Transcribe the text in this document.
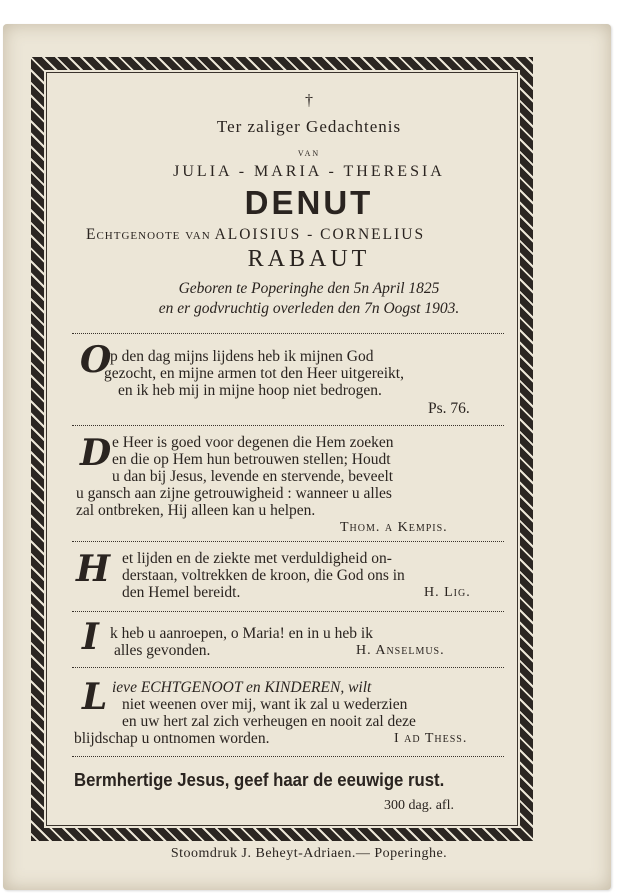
†
Ter zaliger Gedachtenis
van
JULIA - MARIA - THERESIA
DENUT
Echtgenoote van ALOISIUS - CORNELIUS
RABAUT
Geboren te Poperinghe den 5n April 1825
en er godvruchtig overleden den 7n Oogst 1903.
O
p den dag mijns lijdens heb ik mijnen God
gezocht, en mijne armen tot den Heer uitgereikt,
en ik heb mij in mijne hoop niet bedrogen.
Ps. 76.
D e Heer is goed voor degenen die Hem zoeken
en die op Hem hun betrouwen stellen; Houdt
u dan bij Jesus, levende en stervende, beveelt
u gansch aan zijne getrouwigheid : wanneer u alles
zal ontbreken, Hij alleen kan u helpen.
Thom. a Kempis.
H et lijden en de ziekte met verduldigheid on-
derstaan, voltrekken de kroon, die God ons in
den Hemel bereidt.	H. Lig.
I k heb u aanroepen, o Maria! en in u heb ik
alles gevonden.	H. Anselmus.
L ieve ECHTGENOOT en KINDEREN, wilt
niet weenen over mij, want ik zal u wederzien
en uw hert zal zich verheugen en nooit zal deze
blijdschap u ontnomen worden.	I ad Thess.
Bermhertige Jesus, geef haar de eeuwige rust.
300 dag. afl.
Stoomdruk J. Beheyt-Adriaen.— Poperinghe.
